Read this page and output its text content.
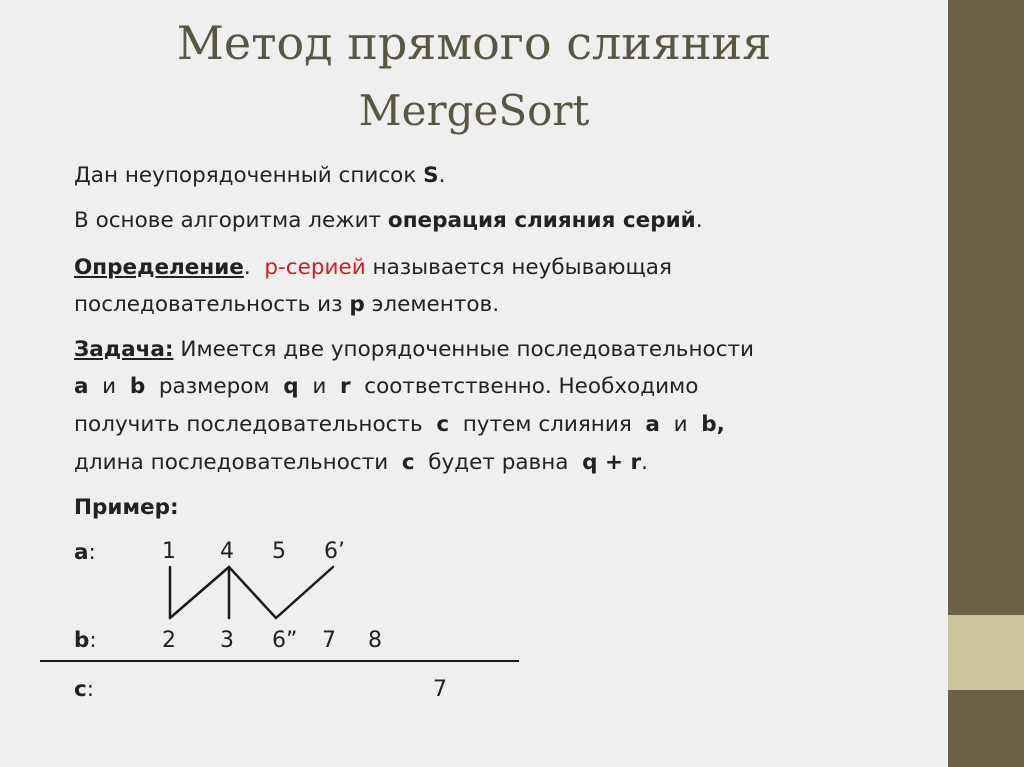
Метод прямого слияния
MergeSort
Дан неупорядоченный список S.
В основе алгоритма лежит операция слияния серий.
Определение. p-серией называется неубывающая
последовательность из p элементов.
Задача: Имеется две упорядоченные последовательности
a  и  b  размером  q  и  r  соответственно. Необходимо
получить последовательность  c  путем слияния  a  и  b,
длина последовательности  c  будет равна  q + r.
Пример:
a:
b:
c:
1 4 5 6’
2 3 6” 7 8
7
